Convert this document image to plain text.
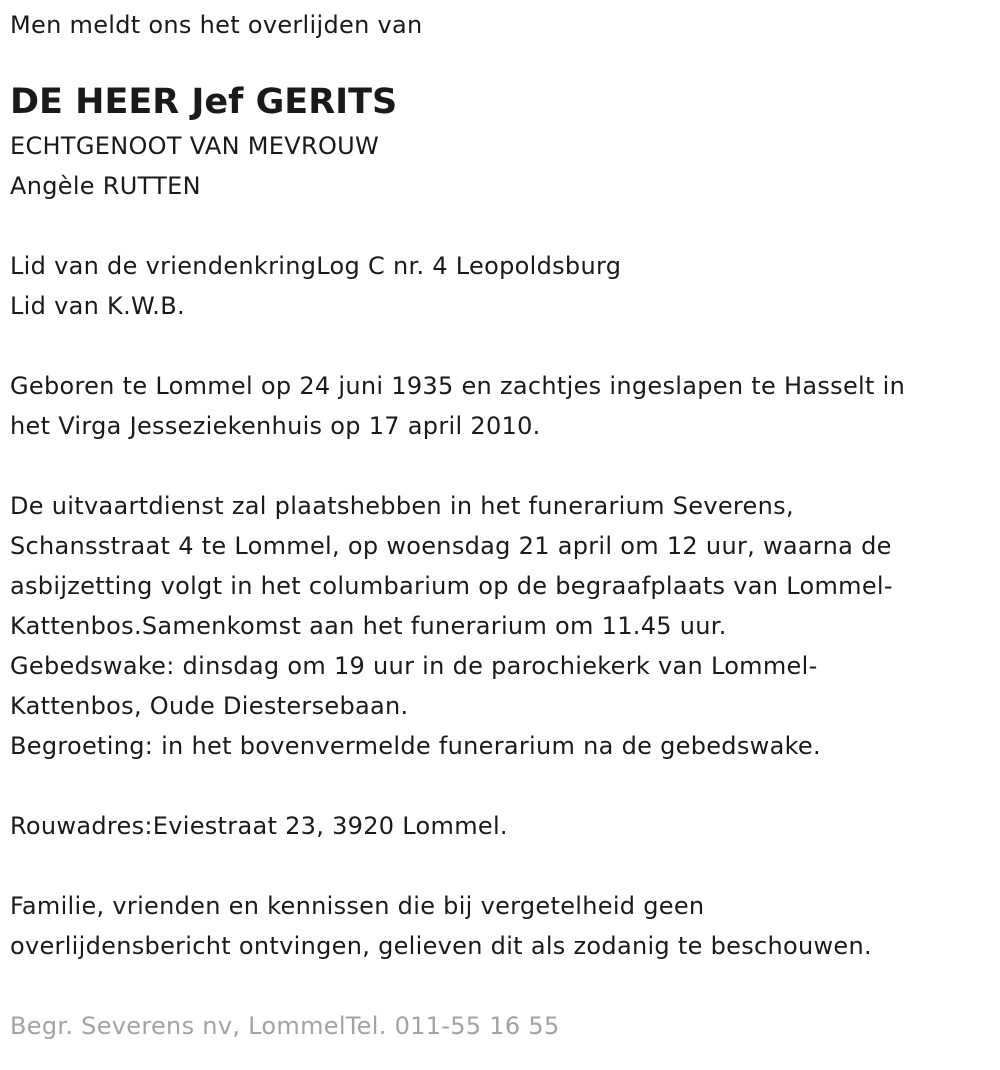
Men meldt ons het overlijden van
DE HEER Jef GERITS
ECHTGENOOT VAN MEVROUW
Angèle RUTTEN
Lid van de vriendenkringLog C nr. 4 Leopoldsburg
Lid van K.W.B.
Geboren te Lommel op 24 juni 1935 en zachtjes ingeslapen te Hasselt in
het Virga Jesseziekenhuis op 17 april 2010.
De uitvaartdienst zal plaatshebben in het funerarium Severens,
Schansstraat 4 te Lommel, op woensdag 21 april om 12 uur, waarna de
asbijzetting volgt in het columbarium op de begraafplaats van Lommel-
Kattenbos.Samenkomst aan het funerarium om 11.45 uur.
Gebedswake: dinsdag om 19 uur in de parochiekerk van Lommel-
Kattenbos, Oude Diestersebaan.
Begroeting: in het bovenvermelde funerarium na de gebedswake.
Rouwadres:Eviestraat 23, 3920 Lommel.
Familie, vrienden en kennissen die bij vergetelheid geen
overlijdensbericht ontvingen, gelieven dit als zodanig te beschouwen.
Begr. Severens nv, LommelTel. 011-55 16 55
